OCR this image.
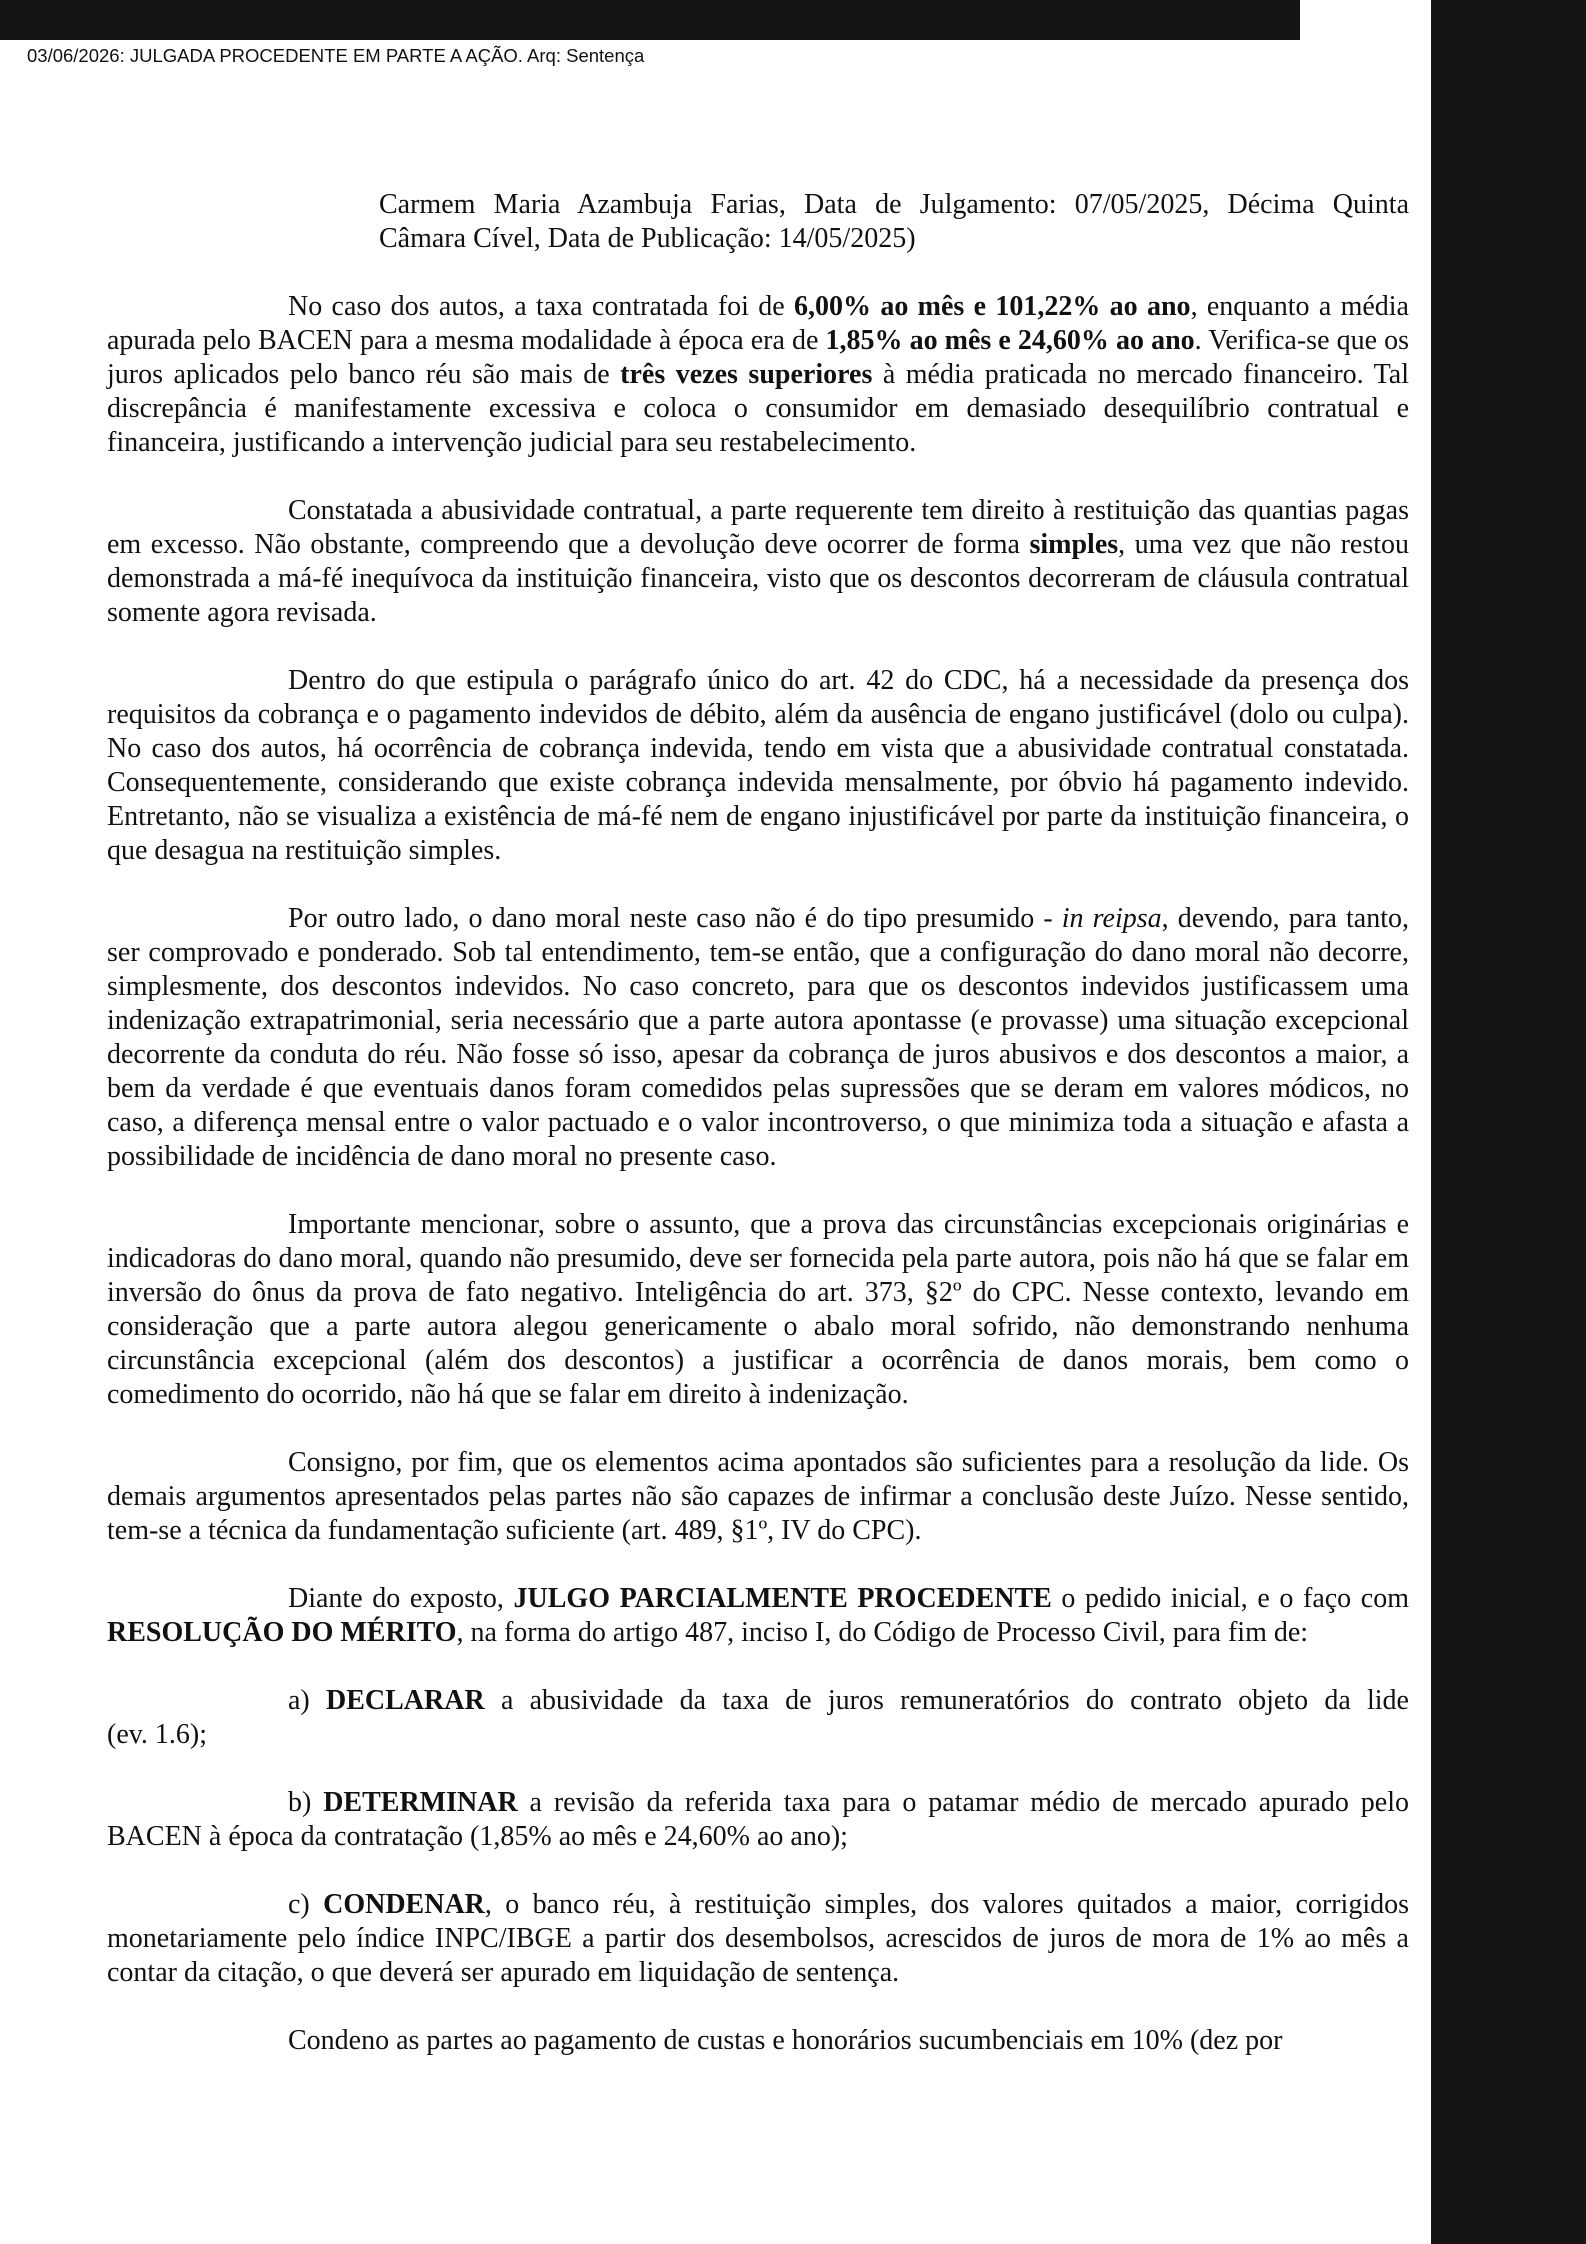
03/06/2026: JULGADA PROCEDENTE EM PARTE A AÇÃO. Arq: Sentença
Carmem Maria Azambuja Farias, Data de Julgamento: 07/05/2025, Décima Quinta
Câmara Cível, Data de Publicação: 14/05/2025)

No caso dos autos, a taxa contratada foi de 6,00% ao mês e 101,22% ao ano, enquanto a média apurada pelo BACEN para a mesma modalidade à época era de 1,85% ao mês e 24,60% ao ano. Verifica-se que os juros aplicados pelo banco réu são mais de três vezes superiores à média praticada no mercado financeiro. Tal discrepância é manifestamente excessiva e coloca o consumidor em demasiado desequilíbrio contratual e financeira, justificando a intervenção judicial para seu restabelecimento.

Constatada a abusividade contratual, a parte requerente tem direito à restituição das quantias pagas em excesso. Não obstante, compreendo que a devolução deve ocorrer de forma simples, uma vez que não restou demonstrada a má-fé inequívoca da instituição financeira, visto que os descontos decorreram de cláusula contratual somente agora revisada.

Dentro do que estipula o parágrafo único do art. 42 do CDC, há a necessidade da presença dos requisitos da cobrança e o pagamento indevidos de débito, além da ausência de engano justificável (dolo ou culpa). No caso dos autos, há ocorrência de cobrança indevida, tendo em vista que a abusividade contratual constatada. Consequentemente, considerando que existe cobrança indevida mensalmente, por óbvio há pagamento indevido. Entretanto, não se visualiza a existência de má-fé nem de engano injustificável por parte da instituição financeira, o que desagua na restituição simples.

Por outro lado, o dano moral neste caso não é do tipo presumido - in reipsa, devendo, para tanto, ser comprovado e ponderado. Sob tal entendimento, tem-se então, que a configuração do dano moral não decorre, simplesmente, dos descontos indevidos. No caso concreto, para que os descontos indevidos justificassem uma indenização extrapatrimonial, seria necessário que a parte autora apontasse (e provasse) uma situação excepcional decorrente da conduta do réu. Não fosse só isso, apesar da cobrança de juros abusivos e dos descontos a maior, a bem da verdade é que eventuais danos foram comedidos pelas supressões que se deram em valores módicos, no caso, a diferença mensal entre o valor pactuado e o valor incontroverso, o que minimiza toda a situação e afasta a possibilidade de incidência de dano moral no presente caso.

Importante mencionar, sobre o assunto, que a prova das circunstâncias excepcionais originárias e indicadoras do dano moral, quando não presumido, deve ser fornecida pela parte autora, pois não há que se falar em inversão do ônus da prova de fato negativo. Inteligência do art. 373, §2º do CPC. Nesse contexto, levando em consideração que a parte autora alegou genericamente o abalo moral sofrido, não demonstrando nenhuma circunstância excepcional (além dos descontos) a justificar a ocorrência de danos morais, bem como o comedimento do ocorrido, não há que se falar em direito à indenização.

Consigno, por fim, que os elementos acima apontados são suficientes para a resolução da lide. Os demais argumentos apresentados pelas partes não são capazes de infirmar a conclusão deste Juízo. Nesse sentido, tem-se a técnica da fundamentação suficiente (art. 489, §1º, IV do CPC).

Diante do exposto, JULGO PARCIALMENTE PROCEDENTE o pedido inicial, e o faço com RESOLUÇÃO DO MÉRITO, na forma do artigo 487, inciso I, do Código de Processo Civil, para fim de:

a) DECLARAR a abusividade da taxa de juros remuneratórios do contrato objeto da lide
(ev. 1.6);

b) DETERMINAR a revisão da referida taxa para o patamar médio de mercado apurado pelo BACEN à época da contratação (1,85% ao mês e 24,60% ao ano);

c) CONDENAR, o banco réu, à restituição simples, dos valores quitados a maior, corrigidos monetariamente pelo índice INPC/IBGE a partir dos desembolsos, acrescidos de juros de mora de 1% ao mês a contar da citação, o que deverá ser apurado em liquidação de sentença.

Condeno as partes ao pagamento de custas e honorários sucumbenciais em 10% (dez por
